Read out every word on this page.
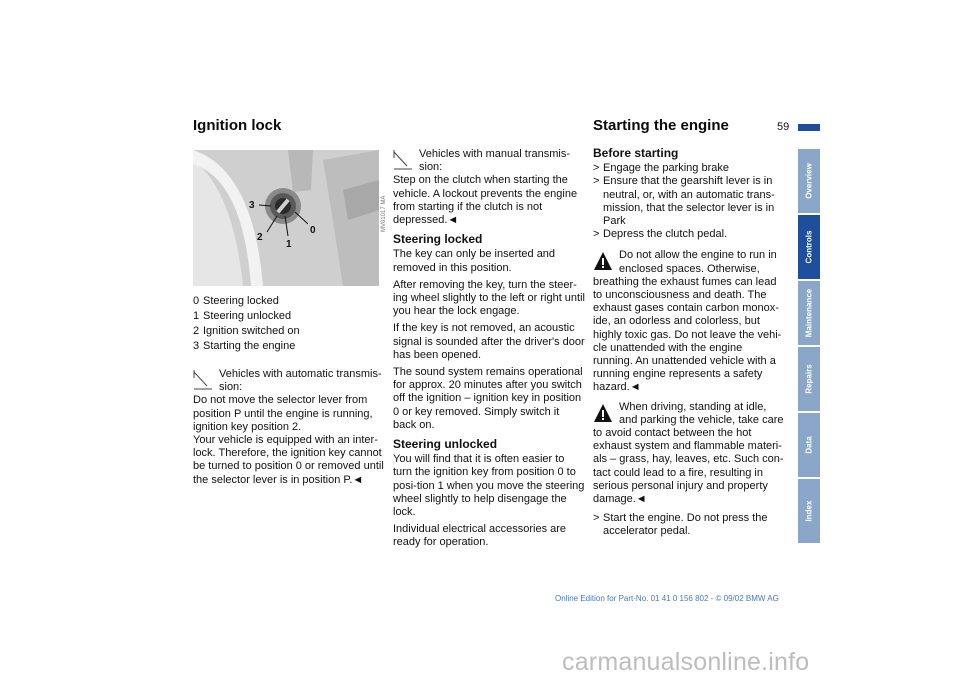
Ignition lock	Starting the engine	59
3
2
1
0	MV01017 MA
0 Steering locked
1 Steering unlocked
2 Ignition switched on
3 Starting the engine
Vehicles with automatic transmis-sion:

Do not move the selector lever from position P until the engine is running, ignition key position 2.

Your vehicle is equipped with an inter-lock. Therefore, the ignition key cannot be turned to position 0 or removed until the selector lever is in position P.◄

Vehicles with manual transmis-sion:

Step on the clutch when starting the vehicle. A lockout prevents the engine from starting if the clutch is not depressed.◄

Steering locked

The key can only be inserted and removed in this position.

After removing the key, turn the steer-ing wheel slightly to the left or right until you hear the lock engage.

If the key is not removed, an acoustic signal is sounded after the driver's door has been opened.

The sound system remains operational for approx. 20 minutes after you switch off the ignition – ignition key in position 0 or key removed. Simply switch it back on.

Steering unlocked

You will find that it is often easier to turn the ignition key from position 0 to posi-tion 1 when you move the steering wheel slightly to help disengage the lock.

Individual electrical accessories are ready for operation.

Before starting

> Engage the parking brake

> Ensure that the gearshift lever is in neutral, or, with an automatic trans-mission, that the selector lever is in Park

> Depress the clutch pedal.

Do not allow the engine to run in enclosed spaces. Otherwise,

breathing the exhaust fumes can lead to unconsciousness and death. The exhaust gases contain carbon monox-ide, an odorless and colorless, but highly toxic gas. Do not leave the vehi-cle unattended with the engine running. An unattended vehicle with a running engine represents a safety hazard.◄

When driving, standing at idle, and parking the vehicle, take care

to avoid contact between the hot exhaust system and flammable materi-als – grass, hay, leaves, etc. Such con-tact could lead to a fire, resulting in serious personal injury and property damage.◄

> Start the engine. Do not press the accelerator pedal.

Overview
Controls
Maintenance
Repairs
Data
Index
Online Edition for Part-No. 01 41 0 156 802 - © 09/02 BMW AG
carmanualsonline.info
